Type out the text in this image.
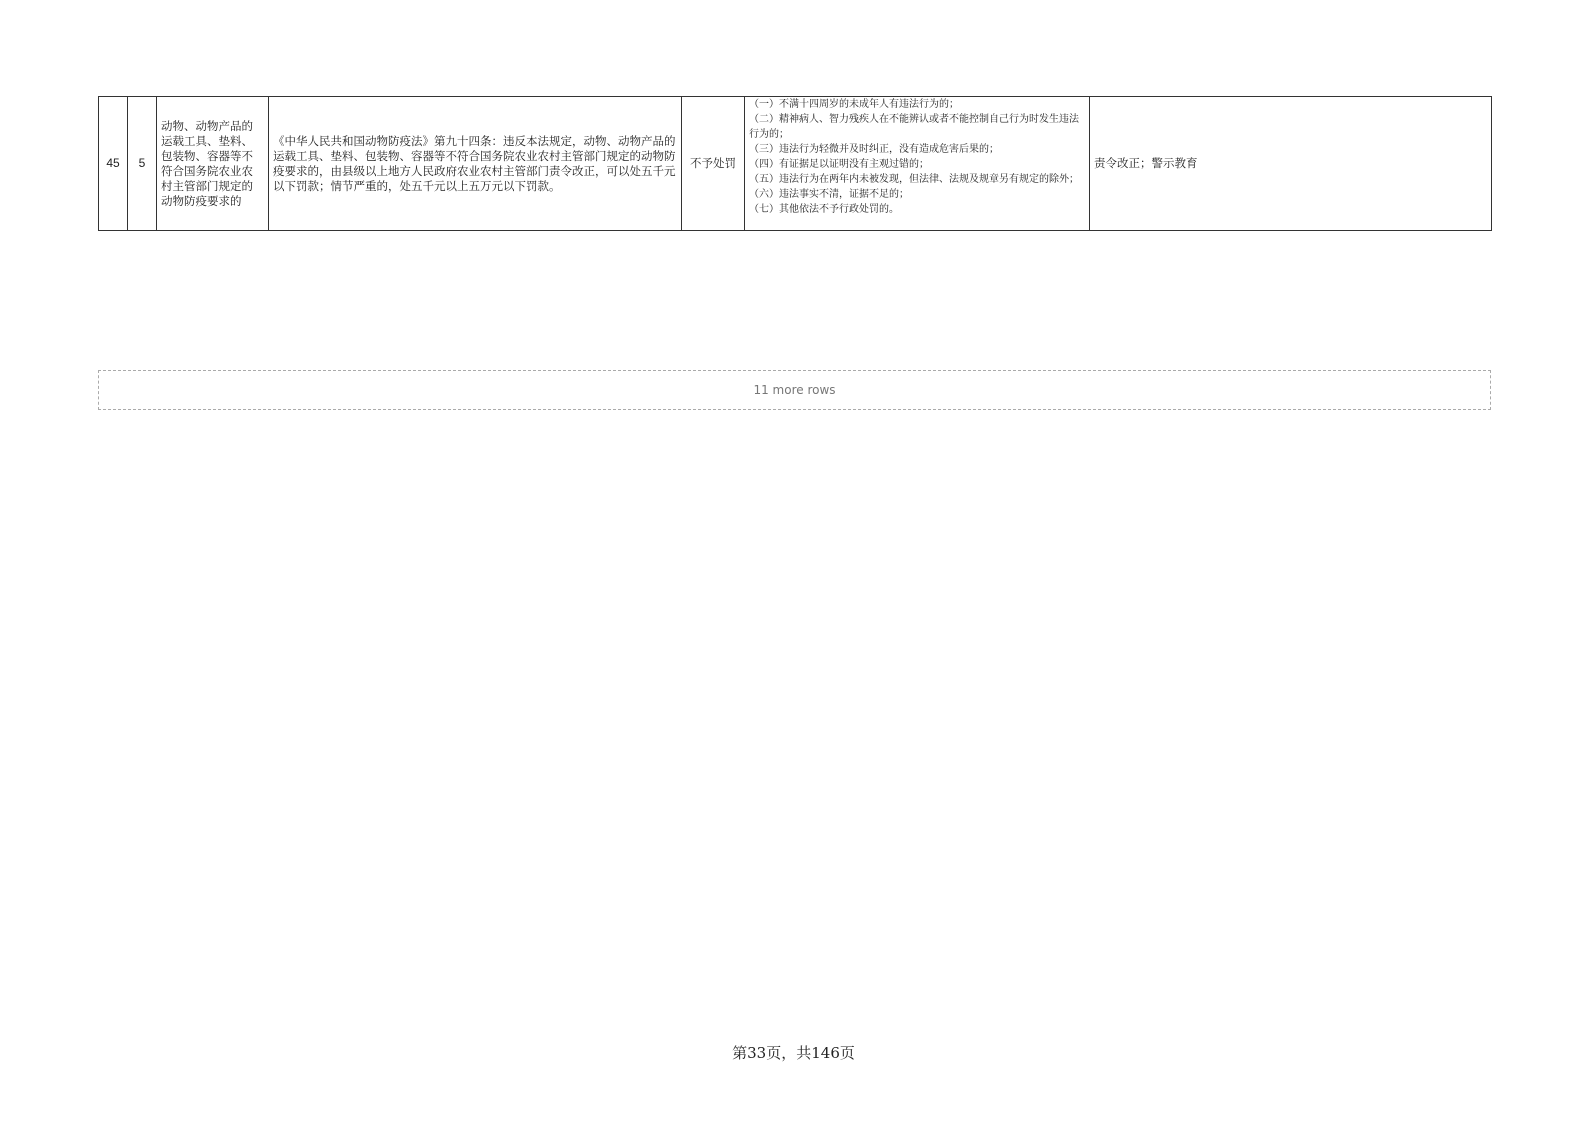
45	5	动物、动物产品的运载工具、垫料、包装物、容器等不符合国务院农业农村主管部门规定的动物防疫要求的	《中华人民共和国动物防疫法》第九十四条：违反本法规定，动物、动物产品的运载工具、垫料、包装物、容器等不符合国务院农业农村主管部门规定的动物防疫要求的，由县级以上地方人民政府农业农村主管部门责令改正，可以处五千元以下罚款；情节严重的，处五千元以上五万元以下罚款。	不予处罚	（一）不满十四周岁的未成年人有违法行为的；
（二）精神病人、智力残疾人在不能辨认或者不能控制自己行为时发生违法行为的；
（三）违法行为轻微并及时纠正，没有造成危害后果的；
（四）有证据足以证明没有主观过错的；
（五）违法行为在两年内未被发现，但法律、法规及规章另有规定的除外；
（六）违法事实不清，证据不足的；
（七）其他依法不予行政处罚的。	责令改正；警示教育
11 more rows
第33页，共146页
